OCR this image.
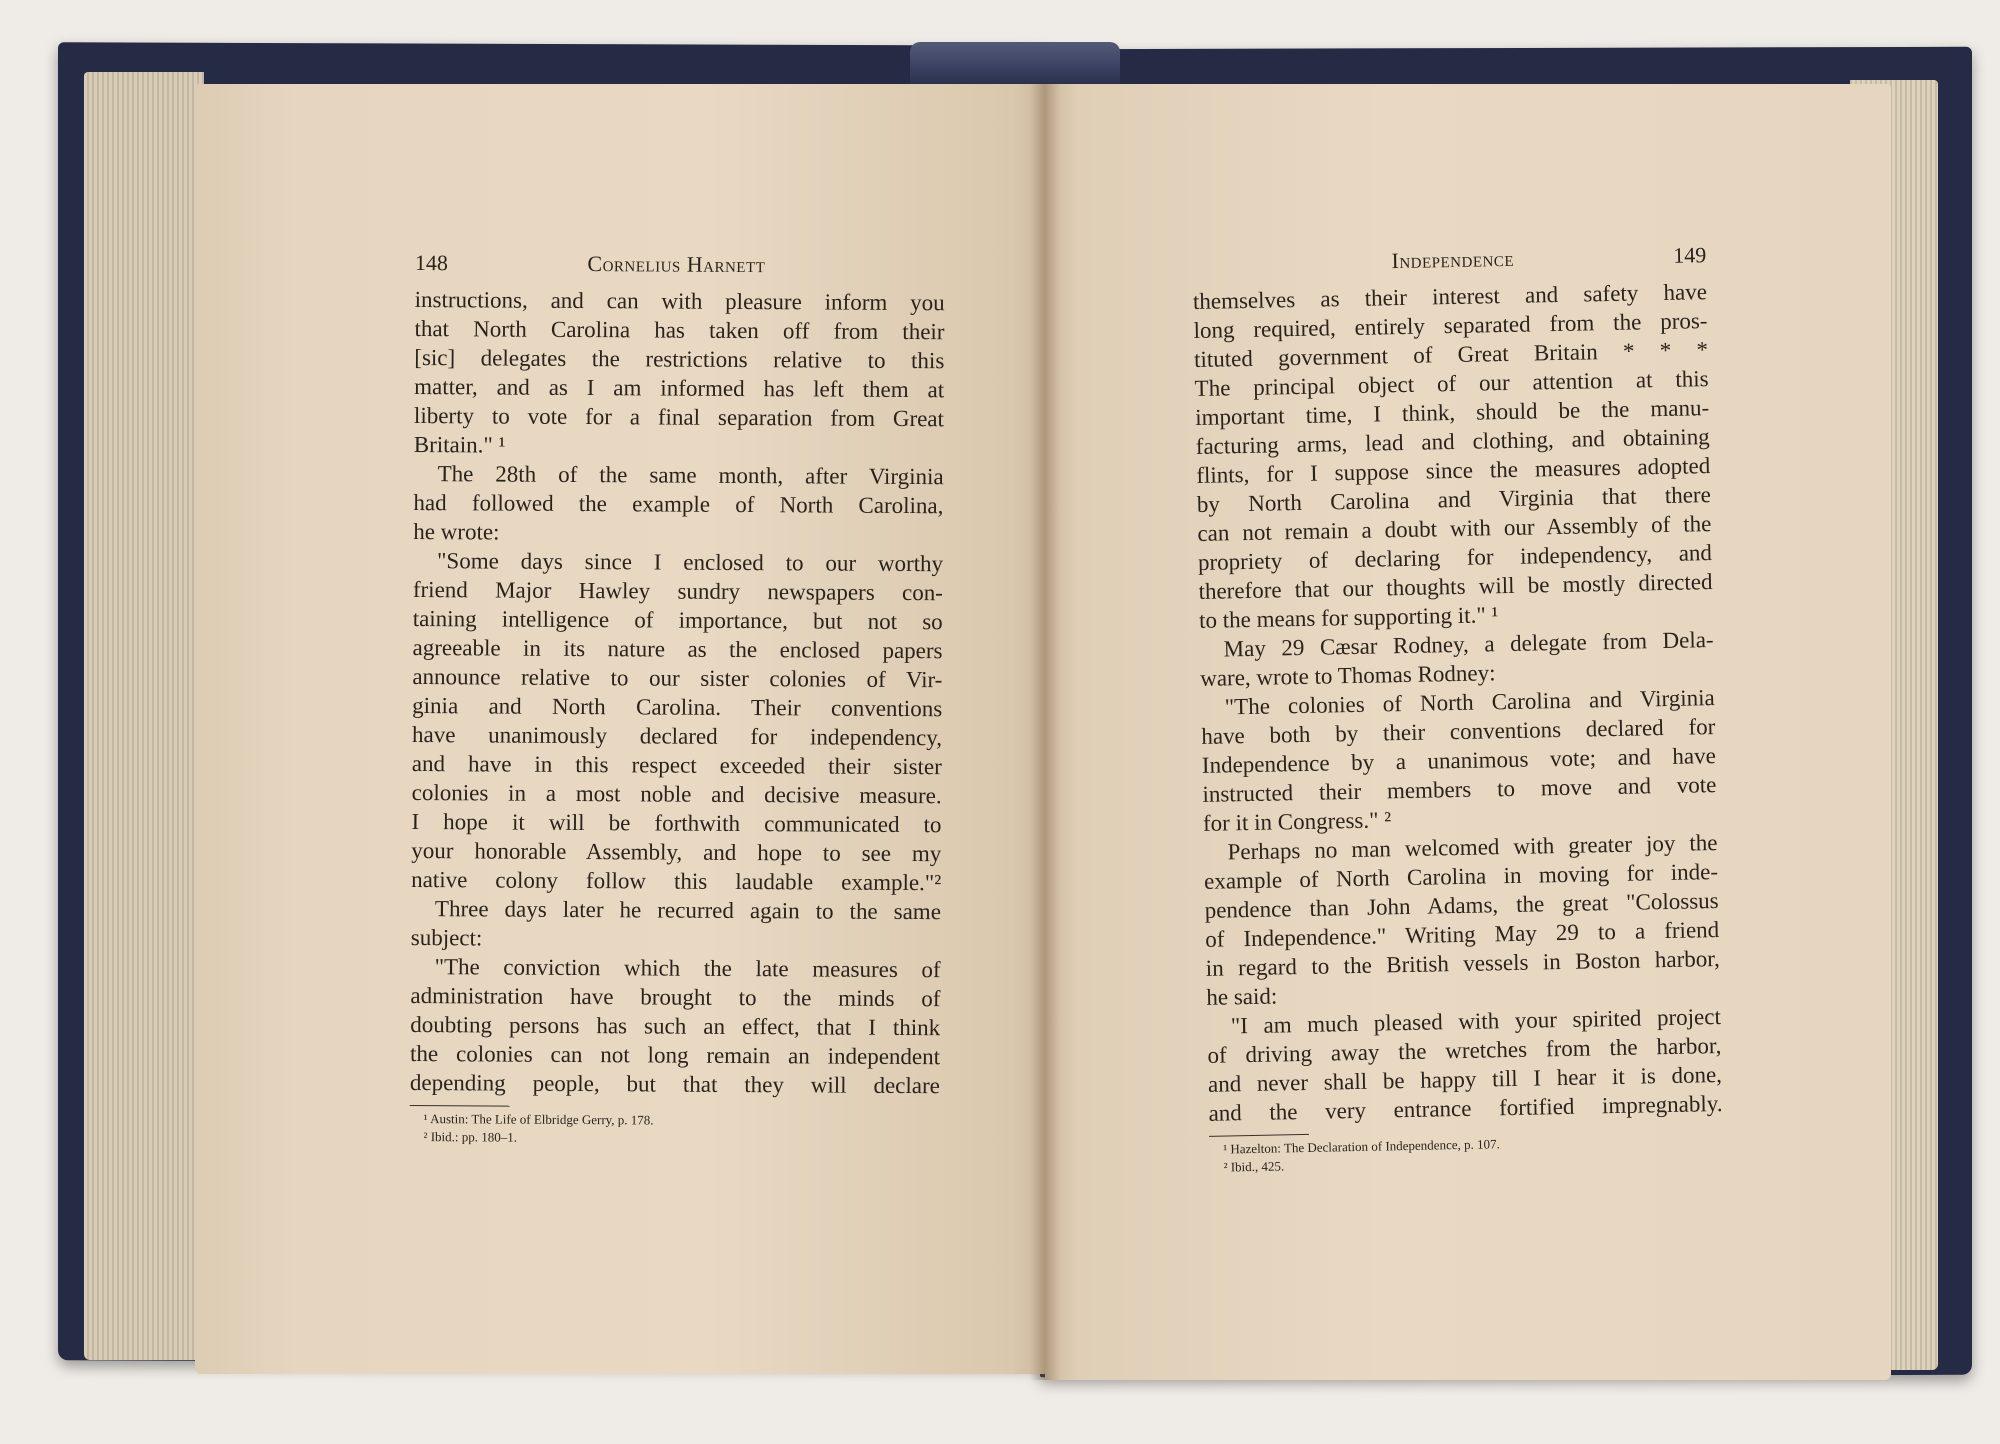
148	Cornelius Harnett
instructions, and can with pleasure inform you
that North Carolina has taken off from their
[sic] delegates the restrictions relative to this
matter, and as I am informed has left them at
liberty to vote for a final separation from Great
Britain." ¹
The 28th of the same month, after Virginia
had followed the example of North Carolina,
he wrote:
"Some days since I enclosed to our worthy
friend Major Hawley sundry newspapers con-
taining intelligence of importance, but not so
agreeable in its nature as the enclosed papers
announce relative to our sister colonies of Vir-
ginia and North Carolina. Their conventions
have unanimously declared for independency,
and have in this respect exceeded their sister
colonies in a most noble and decisive measure.
I hope it will be forthwith communicated to
your honorable Assembly, and hope to see my
native colony follow this laudable example."²
Three days later he recurred again to the same
subject:
"The conviction which the late measures of
administration have brought to the minds of
doubting persons has such an effect, that I think
the colonies can not long remain an independent
depending people, but that they will declare
¹ Austin: The Life of Elbridge Gerry, p. 178.
² Ibid.: pp. 180–1.
Independence	149
themselves as their interest and safety have
long required, entirely separated from the pros-
tituted government of Great Britain * * *
The principal object of our attention at this
important time, I think, should be the manu-
facturing arms, lead and clothing, and obtaining
flints, for I suppose since the measures adopted
by North Carolina and Virginia that there
can not remain a doubt with our Assembly of the
propriety of declaring for independency, and
therefore that our thoughts will be mostly directed
to the means for supporting it." ¹
May 29 Cæsar Rodney, a delegate from Dela-
ware, wrote to Thomas Rodney:
"The colonies of North Carolina and Virginia
have both by their conventions declared for
Independence by a unanimous vote; and have
instructed their members to move and vote
for it in Congress." ²
Perhaps no man welcomed with greater joy the
example of North Carolina in moving for inde-
pendence than John Adams, the great "Colossus
of Independence." Writing May 29 to a friend
in regard to the British vessels in Boston harbor,
he said:
"I am much pleased with your spirited project
of driving away the wretches from the harbor,
and never shall be happy till I hear it is done,
and the very entrance fortified impregnably.
¹ Hazelton: The Declaration of Independence, p. 107.
² Ibid., 425.
